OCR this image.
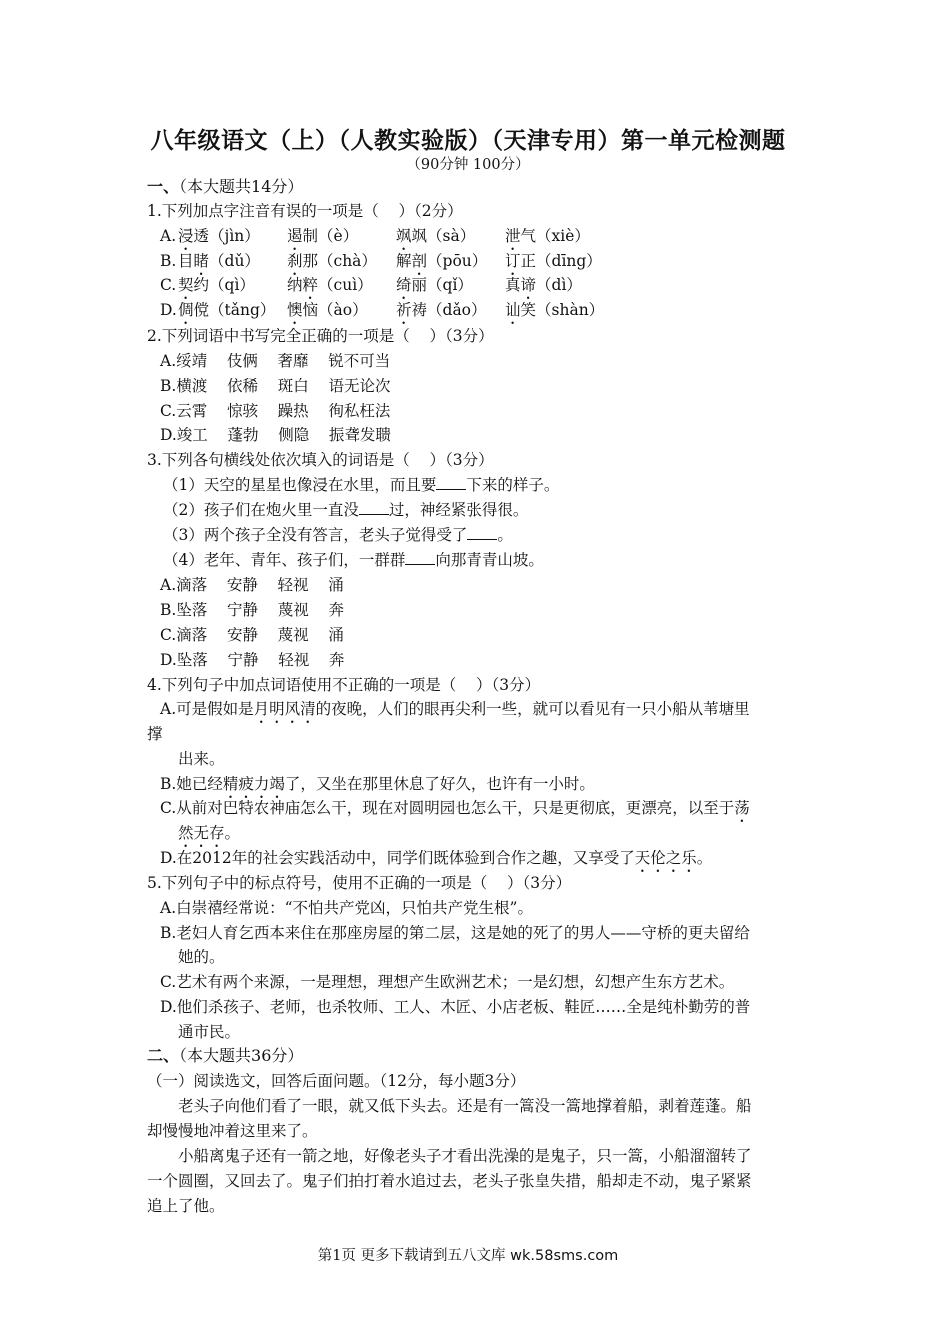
八年级语文（上）（人教实验版）（天津专用）第一单元检测题
（90分钟 100分）
一、（本大题共14分）
1.下列加点字注音有误的一项是（    ）（2分）
A. 浸透（jìn） 遏制（è） 飒飒（sà） 泄气（xiè）
B. 目睹（dǔ） 刹那（chà） 解剖（pōu） 订正（dīng）
C. 契约（qì） 纳粹（cuì） 绮丽（qǐ） 真谛（dì）
D. 倜傥（tǎng） 懊恼（ào） 祈祷（dǎo） 讪笑（shàn）
2.下列词语中书写完全正确的一项是（    ）（3分）
A.绥靖    伎俩    奢靡    锐不可当
B.横渡    依稀    斑白    语无论次
C.云霄    惊骇    躁热    徇私枉法
D.竣工    蓬勃    侧隐    振聋发聩
3.下列各句横线处依次填入的词语是（    ）（3分）
（1）天空的星星也像浸在水里，而且要 下来的样子。
（2）孩子们在炮火里一直没 过，神经紧张得很。
（3）两个孩子全没有答言，老头子觉得受了 。
（4）老年、青年、孩子们，一群群 向那青青山坡。
A.滴落    安静    轻视    涌
B.坠落    宁静    蔑视    奔
C.滴落    安静    蔑视    涌
D.坠落    宁静    轻视    奔
4.下列句子中加点词语使用不正确的一项是（    ）（3分）
A.可是假如是月明风清的夜晚，人们的眼再尖利一些，就可以看见有一只小船从苇塘里
撑
出来。
B.她已经精疲力竭了，又坐在那里休息了好久，也许有一小时。
C.从前对巴特农神庙怎么干，现在对圆明园也怎么干，只是更彻底，更漂亮，以至于荡
然无存。
D.在2012年的社会实践活动中，同学们既体验到合作之趣，又享受了天伦之乐。
5.下列句子中的标点符号，使用不正确的一项是（    ）（3分）
A.白崇禧经常说：“不怕共产党凶，只怕共产党生根”。
B.老妇人育乞西本来住在那座房屋的第二层，这是她的死了的男人——守桥的更夫留给
她的。
C.艺术有两个来源，一是理想，理想产生欧洲艺术；一是幻想，幻想产生东方艺术。
D.他们杀孩子、老师，也杀牧师、工人、木匠、小店老板、鞋匠……全是纯朴勤劳的普
通市民。
二、（本大题共36分）
（一）阅读选文，回答后面问题。（12分，每小题3分）
老头子向他们看了一眼，就又低下头去。还是有一篙没一篙地撑着船，剥着莲蓬。船
却慢慢地冲着这里来了。
小船离鬼子还有一箭之地，好像老头子才看出洗澡的是鬼子，只一篙，小船溜溜转了
一个圆圈，又回去了。鬼子们拍打着水追过去，老头子张皇失措，船却走不动，鬼子紧紧
追上了他。
第1页 更多下载请到五八文库 wk.58sms.com
